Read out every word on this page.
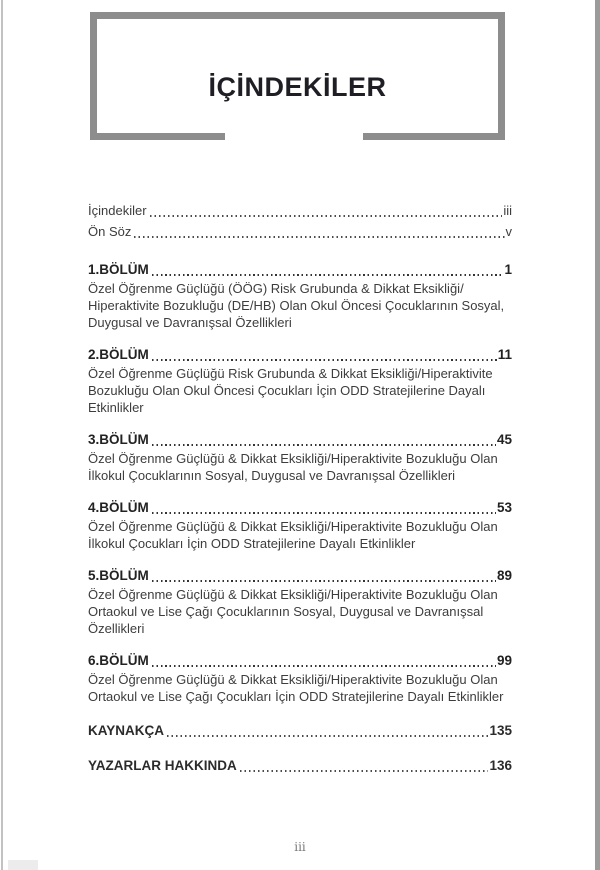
İÇİNDEKİLER
İçindekiler	iii
Ön Söz	v
1.BÖLÜM	1
Özel Öğrenme Güçlüğü (ÖÖG) Risk Grubunda & Dikkat Eksikliği/
Hiperaktivite Bozukluğu (DE/HB) Olan Okul Öncesi Çocuklarının Sosyal,
Duygusal ve Davranışsal Özellikleri
2.BÖLÜM	11
Özel Öğrenme Güçlüğü Risk Grubunda & Dikkat Eksikliği/Hiperaktivite
Bozukluğu Olan Okul Öncesi Çocukları İçin ODD Stratejilerine Dayalı
Etkinlikler
3.BÖLÜM	45
Özel Öğrenme Güçlüğü & Dikkat Eksikliği/Hiperaktivite Bozukluğu Olan
İlkokul Çocuklarının Sosyal, Duygusal ve Davranışsal Özellikleri
4.BÖLÜM	53
Özel Öğrenme Güçlüğü & Dikkat Eksikliği/Hiperaktivite Bozukluğu Olan
İlkokul Çocukları İçin ODD Stratejilerine Dayalı Etkinlikler
5.BÖLÜM	89
Özel Öğrenme Güçlüğü & Dikkat Eksikliği/Hiperaktivite Bozukluğu Olan
Ortaokul ve Lise Çağı Çocuklarının Sosyal, Duygusal ve Davranışsal
Özellikleri
6.BÖLÜM	99
Özel Öğrenme Güçlüğü & Dikkat Eksikliği/Hiperaktivite Bozukluğu Olan
Ortaokul ve Lise Çağı Çocukları İçin ODD Stratejilerine Dayalı Etkinlikler
KAYNAKÇA	135
YAZARLAR HAKKINDA	136
iii
